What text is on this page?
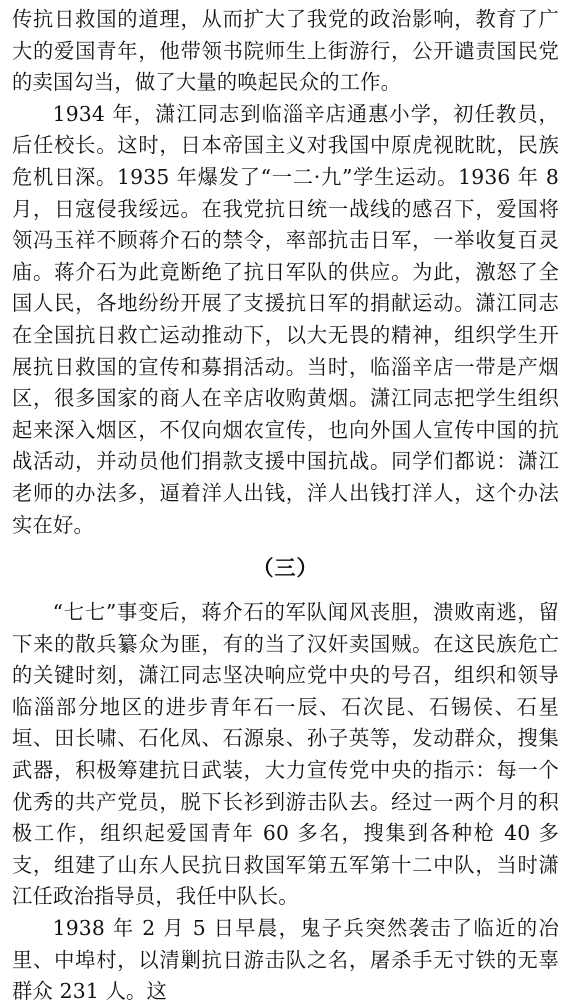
传抗日救国的道理，从而扩大了我党的政治影响，教育了广大的爱国青年，他带领书院师生上街游行，公开谴责国民党的卖国勾当，做了大量的唤起民众的工作。

1934 年，潇江同志到临淄辛店通惠小学，初任教员，后任校长。这时，日本帝国主义对我国中原虎视眈眈，民族危机日深。1935 年爆发了“一二·九”学生运动。1936 年 8 月，日寇侵我绥远。在我党抗日统一战线的感召下，爱国将领冯玉祥不顾蒋介石的禁令，率部抗击日军，一举收复百灵庙。蒋介石为此竟断绝了抗日军队的供应。为此，激怒了全国人民，各地纷纷开展了支援抗日军的捐献运动。潇江同志在全国抗日救亡运动推动下，以大无畏的精神，组织学生开展抗日救国的宣传和募捐活动。当时，临淄辛店一带是产烟区，很多国家的商人在辛店收购黄烟。潇江同志把学生组织起来深入烟区，不仅向烟农宣传，也向外国人宣传中国的抗战活动，并动员他们捐款支援中国抗战。同学们都说：潇江老师的办法多，逼着洋人出钱，洋人出钱打洋人，这个办法实在好。

（三）

“七七”事变后，蒋介石的军队闻风丧胆，溃败南逃，留下来的散兵纂众为匪，有的当了汉奸卖国贼。在这民族危亡的关键时刻，潇江同志坚决响应党中央的号召，组织和领导临淄部分地区的进步青年石一辰、石次昆、石锡侯、石星垣、田长啸、石化凤、石源泉、孙子英等，发动群众，搜集武器，积极筹建抗日武装，大力宣传党中央的指示：每一个优秀的共产党员，脱下长衫到游击队去。经过一两个月的积极工作，组织起爱国青年 60 多名，搜集到各种枪 40 多支，组建了山东人民抗日救国军第五军第十二中队，当时潇江任政治指导员，我任中队长。

1938 年 2 月 5 日早晨，鬼子兵突然袭击了临近的冶里、中埠村，以清剿抗日游击队之名，屠杀手无寸铁的无辜群众 231 人。这
